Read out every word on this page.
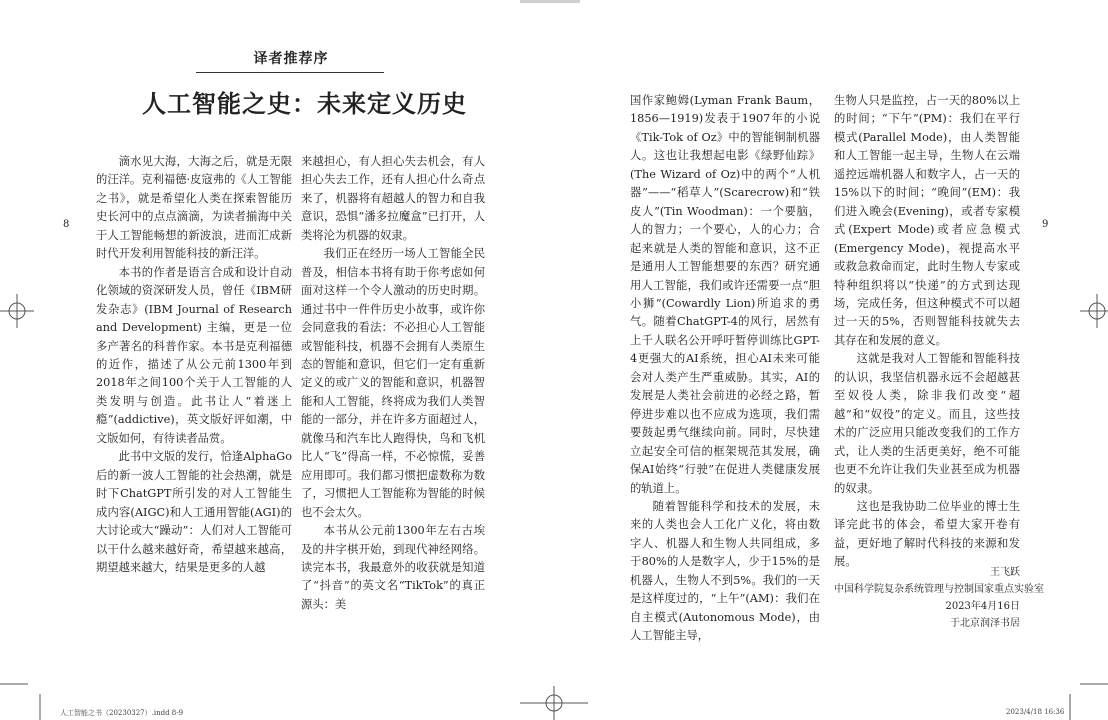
译者推荐序
人工智能之史：未来定义历史
8	9

滴水见大海，大海之后，就是无限的汪洋。克利福德·皮寇弗的《人工智能之书》，就是希望化人类在探索智能历史长河中的点点滴滴，为读者揃海中关于人工智能畅想的新波浪，进而汇成新时代开发利用智能科技的新汪洋。

本书的作者是语言合成和设计自动化领域的资深研发人员，曾任《IBM研发杂志》(IBM Journal of Research and Development) 主编，更是一位多产著名的科普作家。本书是克利福德的近作，描述了从公元前1300年到2018年之间100个关于人工智能的人类发明与创造。此书让人“着迷上瘾”(addictive)，英文版好评如潮，中文版如何，有待读者品赏。

此书中文版的发行，恰逢AlphaGo后的新一波人工智能的社会热潮，就是时下ChatGPT所引发的对人工智能生成内容(AIGC)和人工通用智能(AGI)的大讨论或大“躁动”：人们对人工智能可以干什么越来越好奇，希望越来越高，期望越来越大，结果是更多的人越

来越担心，有人担心失去机会，有人担心失去工作，还有人担心什么奇点来了，机器将有超越人的智力和自我意识，恐惧“潘多拉魔盒”已打开，人类将沦为机器的奴隶。

我们正在经历一场人工智能全民普及，相信本书将有助于你考虑如何面对这样一个令人激动的历史时期。通过书中一件件历史小故事，或许你会同意我的看法：不必担心人工智能或智能科技，机器不会拥有人类原生态的智能和意识，但它们一定有重新定义的或广义的智能和意识，机器智能和人工智能，终将成为我们人类智能的一部分，并在许多方面超过人，就像马和汽车比人跑得快，鸟和飞机比人“飞”得高一样，不必惊慌，妥善应用即可。我们都习惯把虚数称为数了，习惯把人工智能称为智能的时候也不会太久。

本书从公元前1300年左右古埃及的井字棋开始，到现代神经网络。读完本书，我最意外的收获就是知道了“抖音”的英文名“TikTok”的真正源头：美

国作家鲍姆(Lyman Frank Baum，1856—1919)发表于1907年的小说《Tik-Tok of Oz》中的智能铜制机器人。这也让我想起电影《绿野仙踪》(The Wizard of Oz)中的两个“人机器”——“稻草人”(Scarecrow)和“铁皮人”(Tin Woodman)：一个要脑，人的智力；一个要心，人的心力；合起来就是人类的智能和意识，这不正是通用人工智能想要的东西？研究通用人工智能，我们或许还需要一点“胆小狮”(Cowardly Lion)所追求的勇气。随着ChatGPT-4的风行，居然有上千人联名公开呼吁暂停训练比GPT-4更强大的AI系统，担心AI未来可能会对人类产生严重威胁。其实，AI的发展是人类社会前进的必经之路，暂停进步难以也不应成为选项，我们需要鼓起勇气继续向前。同时，尽快建立起安全可信的框架规范其发展，确保AI始终“行驶”在促进人类健康发展的轨道上。

随着智能科学和技术的发展，未来的人类也会人工化广义化，将由数字人、机器人和生物人共同组成，多于80%的人是数字人，少于15%的是机器人，生物人不到5%。我们的一天是这样度过的，“上午”(AM)：我们在自主模式(Autonomous Mode)，由人工智能主导，

生物人只是监控，占一天的80%以上的时间；“下午”(PM)：我们在平行模式(Parallel Mode)，由人类智能和人工智能一起主导，生物人在云端遥控远端机器人和数字人，占一天的15%以下的时间；“晚间”(EM)：我们进入晚会(Evening)，或者专家模式(Expert Mode)或者应急模式(Emergency Mode)，视提高水平或救急救命而定，此时生物人专家或特种组织将以“快递”的方式到达现场，完成任务，但这种模式不可以超过一天的5%，否则智能科技就失去其存在和发展的意义。

这就是我对人工智能和智能科技的认识，我坚信机器永远不会超越甚至奴役人类，除非我们改变“超越”和“奴役”的定义。而且，这些技术的广泛应用只能改变我们的工作方式，让人类的生活更美好，绝不可能也更不允许让我们失业甚至成为机器的奴隶。

这也是我协助二位毕业的博士生译完此书的体会，希望大家开卷有益，更好地了解时代科技的来源和发展。

王飞跃
中国科学院复杂系统管理与控制国家重点实验室
2023年4月16日
于北京润泽书居
人工智能之书（20230327）.indd 8-9	2023/4/18 16:36
